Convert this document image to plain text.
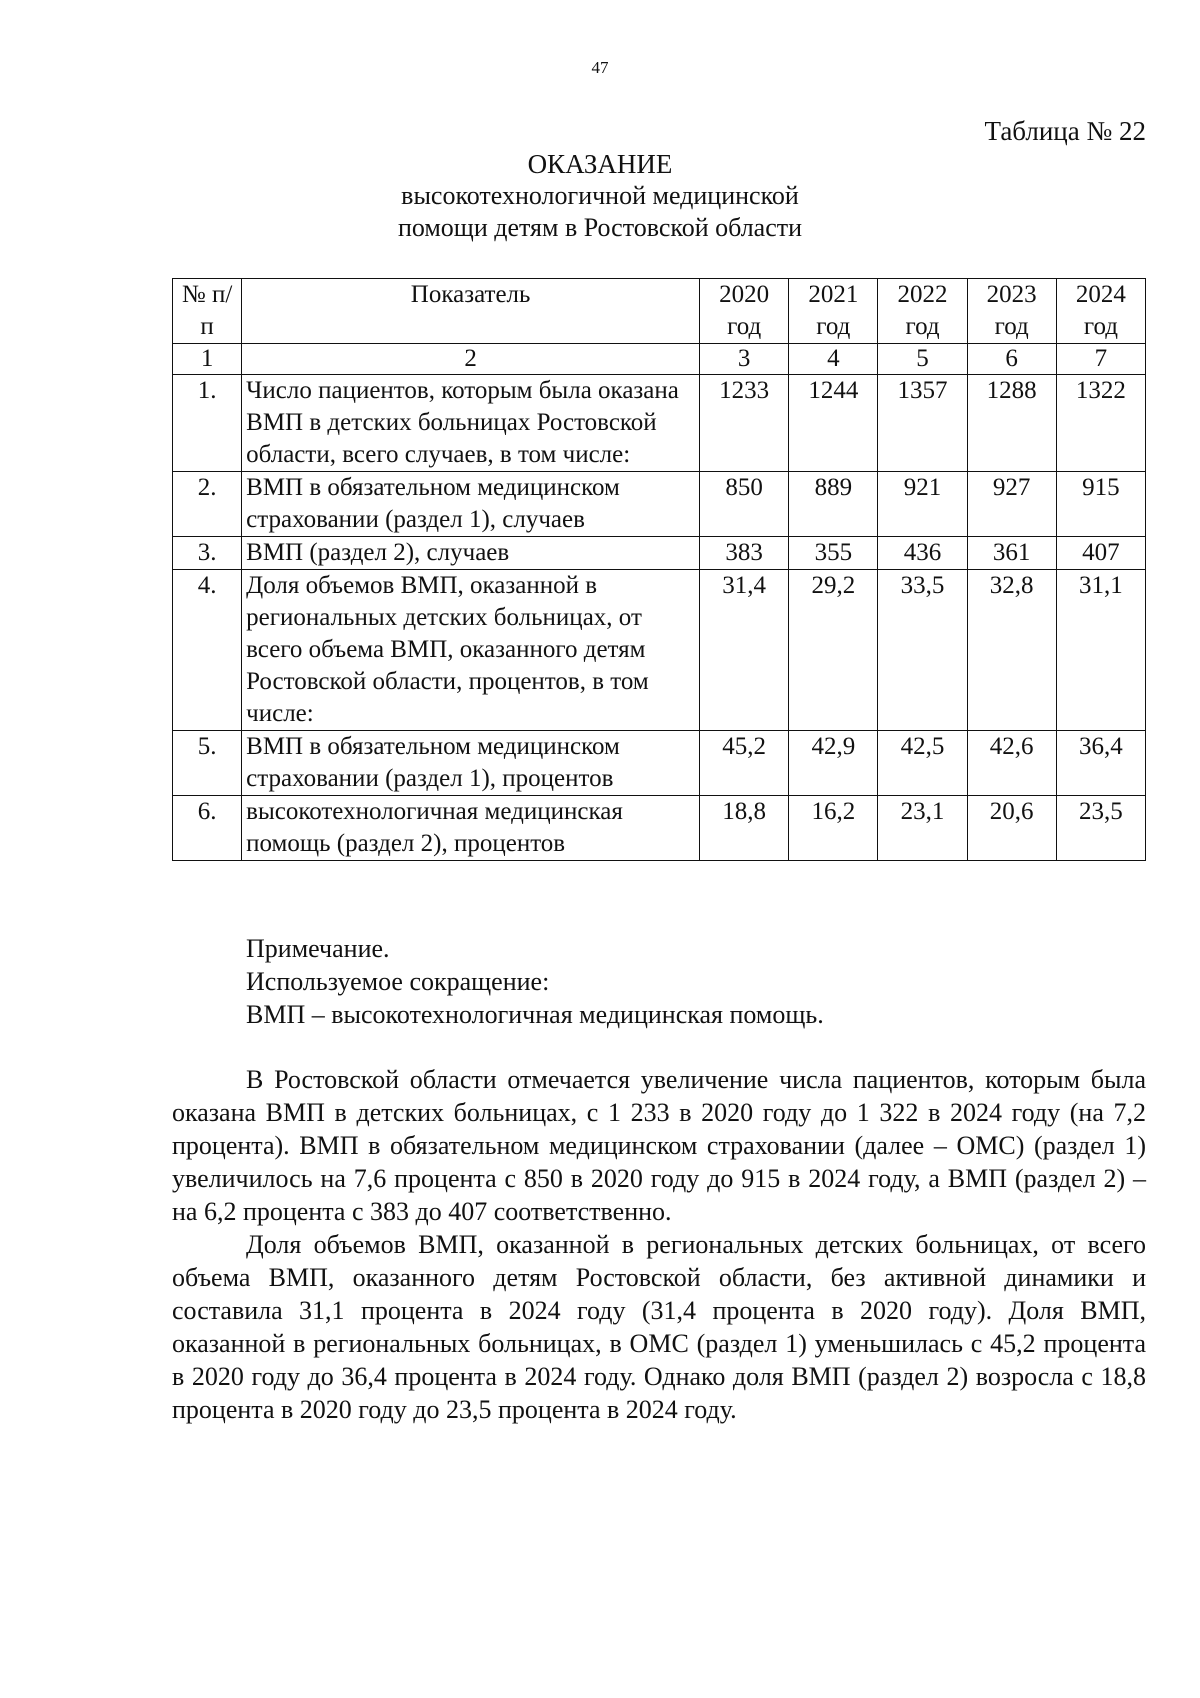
47
Таблица № 22
ОКАЗАНИЕ
высокотехнологичной медицинской
помощи детям в Ростовской области
№ п/п	Показатель	2020 год	2021 год	2022 год	2023 год	2024 год
1	2	3	4	5	6	7
1.	Число пациентов, которым была оказана ВМП в детских больницах Ростовской области, всего случаев, в том числе:	1233	1244	1357	1288	1322
2.	ВМП в обязательном медицинском страховании (раздел 1), случаев	850	889	921	927	915
3.	ВМП (раздел 2), случаев	383	355	436	361	407
4.	Доля объемов ВМП, оказанной в региональных детских больницах, от всего объема ВМП, оказанного детям Ростовской области, процентов, в том числе:	31,4	29,2	33,5	32,8	31,1
5.	ВМП в обязательном медицинском страховании (раздел 1), процентов	45,2	42,9	42,5	42,6	36,4
6.	высокотехнологичная медицинская помощь (раздел 2), процентов	18,8	16,2	23,1	20,6	23,5
Примечание.
Используемое сокращение:
ВМП – высокотехнологичная медицинская помощь.

В Ростовской области отмечается увеличение числа пациентов, которым была оказана ВМП в детских больницах, с 1 233 в 2020 году до 1 322 в 2024 году (на 7,2 процента). ВМП в обязательном медицинском страховании (далее – ОМС) (раздел 1) увеличилось на 7,6 процента с 850 в 2020 году до 915 в 2024 году, а ВМП (раздел 2) – на 6,2 процента с 383 до 407 соответственно.

Доля объемов ВМП, оказанной в региональных детских больницах, от всего объема ВМП, оказанного детям Ростовской области, без активной динамики и составила 31,1 процента в 2024 году (31,4 процента в 2020 году). Доля ВМП, оказанной в региональных больницах, в ОМС (раздел 1) уменьшилась с 45,2 процента в 2020 году до 36,4 процента в 2024 году. Однако доля ВМП (раздел 2) возросла с 18,8 процента в 2020 году до 23,5 процента в 2024 году.
